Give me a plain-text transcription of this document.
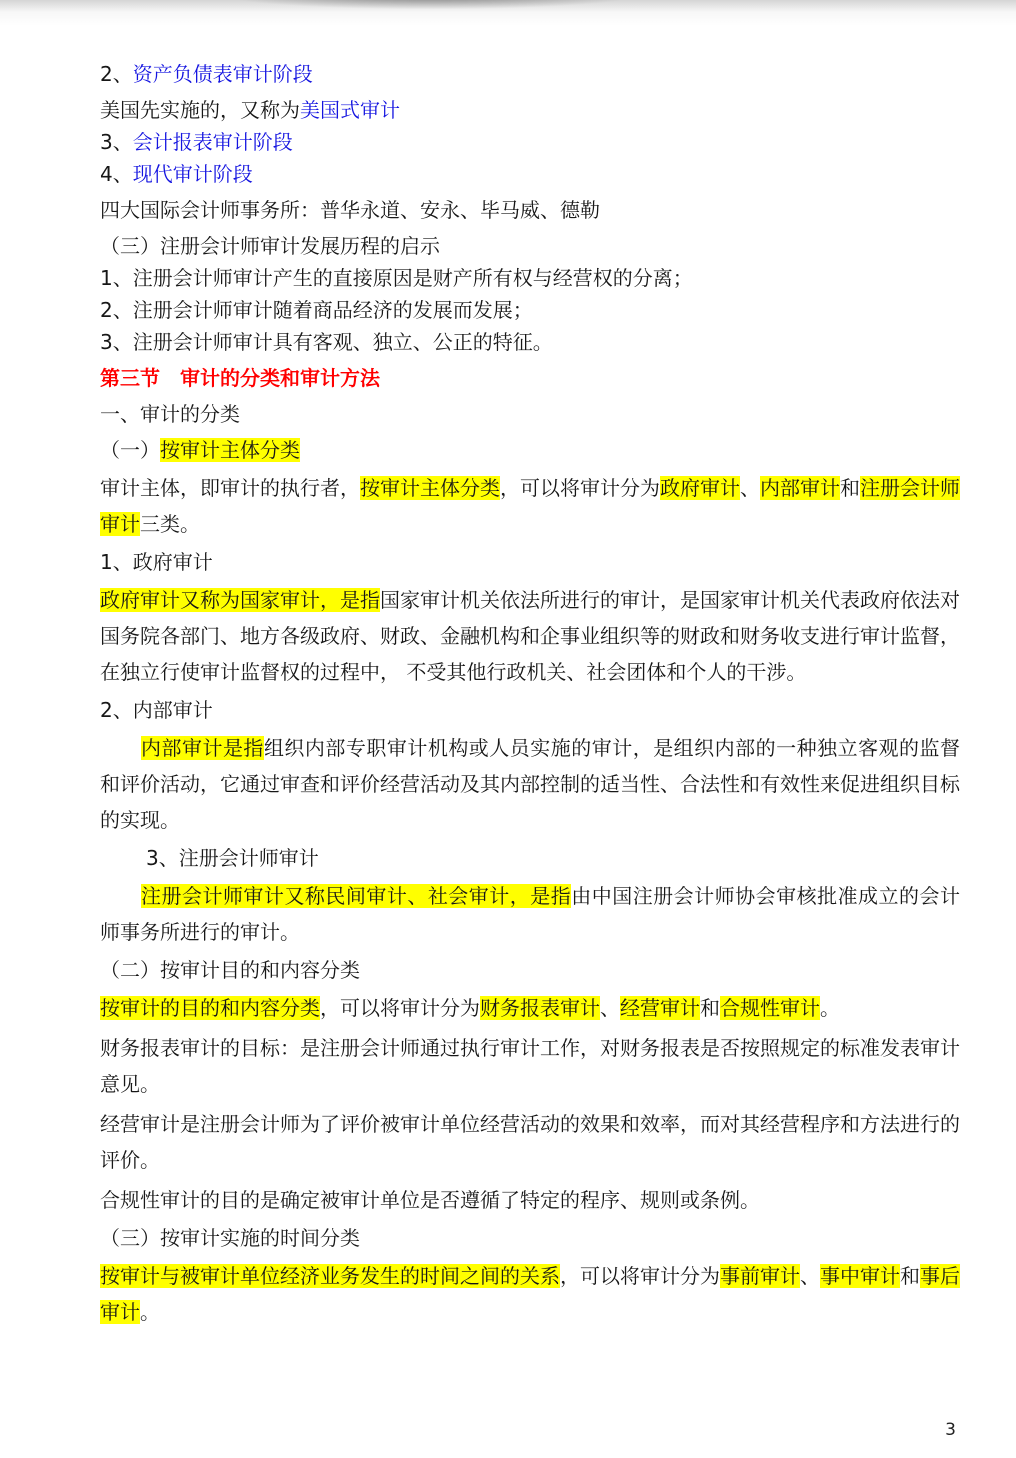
2、资产负债表审计阶段
美国先实施的，又称为美国式审计
3、会计报表审计阶段
4、现代审计阶段
四大国际会计师事务所：普华永道、安永、毕马威、德勒
（三）注册会计师审计发展历程的启示
1、注册会计师审计产生的直接原因是财产所有权与经营权的分离；
2、注册会计师审计随着商品经济的发展而发展；
3、注册会计师审计具有客观、独立、公正的特征。
第三节　审计的分类和审计方法
一、审计的分类
（一）按审计主体分类
审计主体，即审计的执行者，按审计主体分类，可以将审计分为政府审计、内部审计和注册会计师审计三类。
1、政府审计
政府审计又称为国家审计，是指国家审计机关依法所进行的审计，是国家审计机关代表政府依法对国务院各部门、地方各级政府、财政、金融机构和企事业组织等的财政和财务收支进行审计监督，在独立行使审计监督权的过程中， 不受其他行政机关、社会团体和个人的干涉。
2、内部审计
内部审计是指组织内部专职审计机构或人员实施的审计，是组织内部的一种独立客观的监督和评价活动，它通过审查和评价经营活动及其内部控制的适当性、合法性和有效性来促进组织目标的实现。
3、注册会计师审计
注册会计师审计又称民间审计、社会审计，是指由中国注册会计师协会审核批准成立的会计师事务所进行的审计。
（二）按审计目的和内容分类
按审计的目的和内容分类，可以将审计分为财务报表审计、经营审计和合规性审计。
财务报表审计的目标：是注册会计师通过执行审计工作，对财务报表是否按照规定的标准发表审计意见。
经营审计是注册会计师为了评价被审计单位经营活动的效果和效率，而对其经营程序和方法进行的评价。
合规性审计的目的是确定被审计单位是否遵循了特定的程序、规则或条例。
（三）按审计实施的时间分类
按审计与被审计单位经济业务发生的时间之间的关系，可以将审计分为事前审计、事中审计和事后审计。
3
